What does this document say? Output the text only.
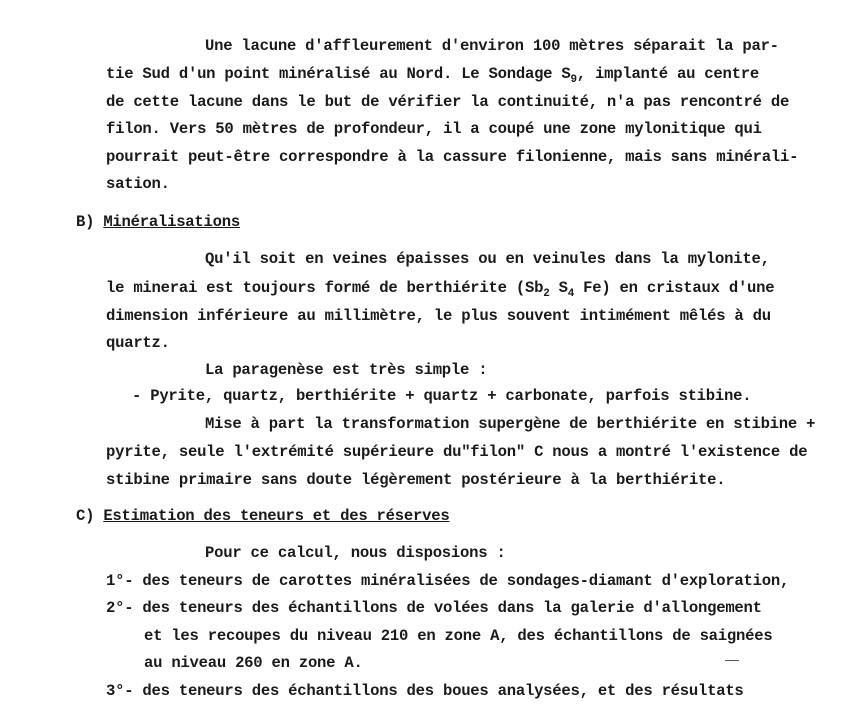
Une lacune d'affleurement d'environ 100 mètres séparait la par-
tie Sud d'un point minéralisé au Nord. Le Sondage $S_9$, implanté au centre
de cette lacune dans le but de vérifier la continuité, n'a pas rencontré de
filon. Vers 50 mètres de profondeur, il a coupé une zone mylonitique qui
pourrait peut-être correspondre à la cassure filonienne, mais sans minérali-
sation.
B) Minéralisations
Qu'il soit en veines épaisses ou en veinules dans la mylonite,
le minerai est toujours formé de berthiérite ($Sb_2$ $S_4$ Fe) en cristaux d'une
dimension inférieure au millimètre, le plus souvent intimément mêlés à du
quartz.
La paragenèse est très simple :
- Pyrite, quartz, berthiérite + quartz + carbonate, parfois stibine.
Mise à part la transformation supergène de berthiérite en stibine +
pyrite, seule l'extrémité supérieure du"filon" C nous a montré l'existence de
stibine primaire sans doute légèrement postérieure à la berthiérite.
C) Estimation des teneurs et des réserves
Pour ce calcul, nous disposions :
1°- des teneurs de carottes minéralisées de sondages-diamant d'exploration,
2°- des teneurs des échantillons de volées dans la galerie d'allongement
et les recoupes du niveau 210 en zone A, des échantillons de saignées
au niveau 260 en zone A.
3°- des teneurs des échantillons des boues analysées, et des résultats
